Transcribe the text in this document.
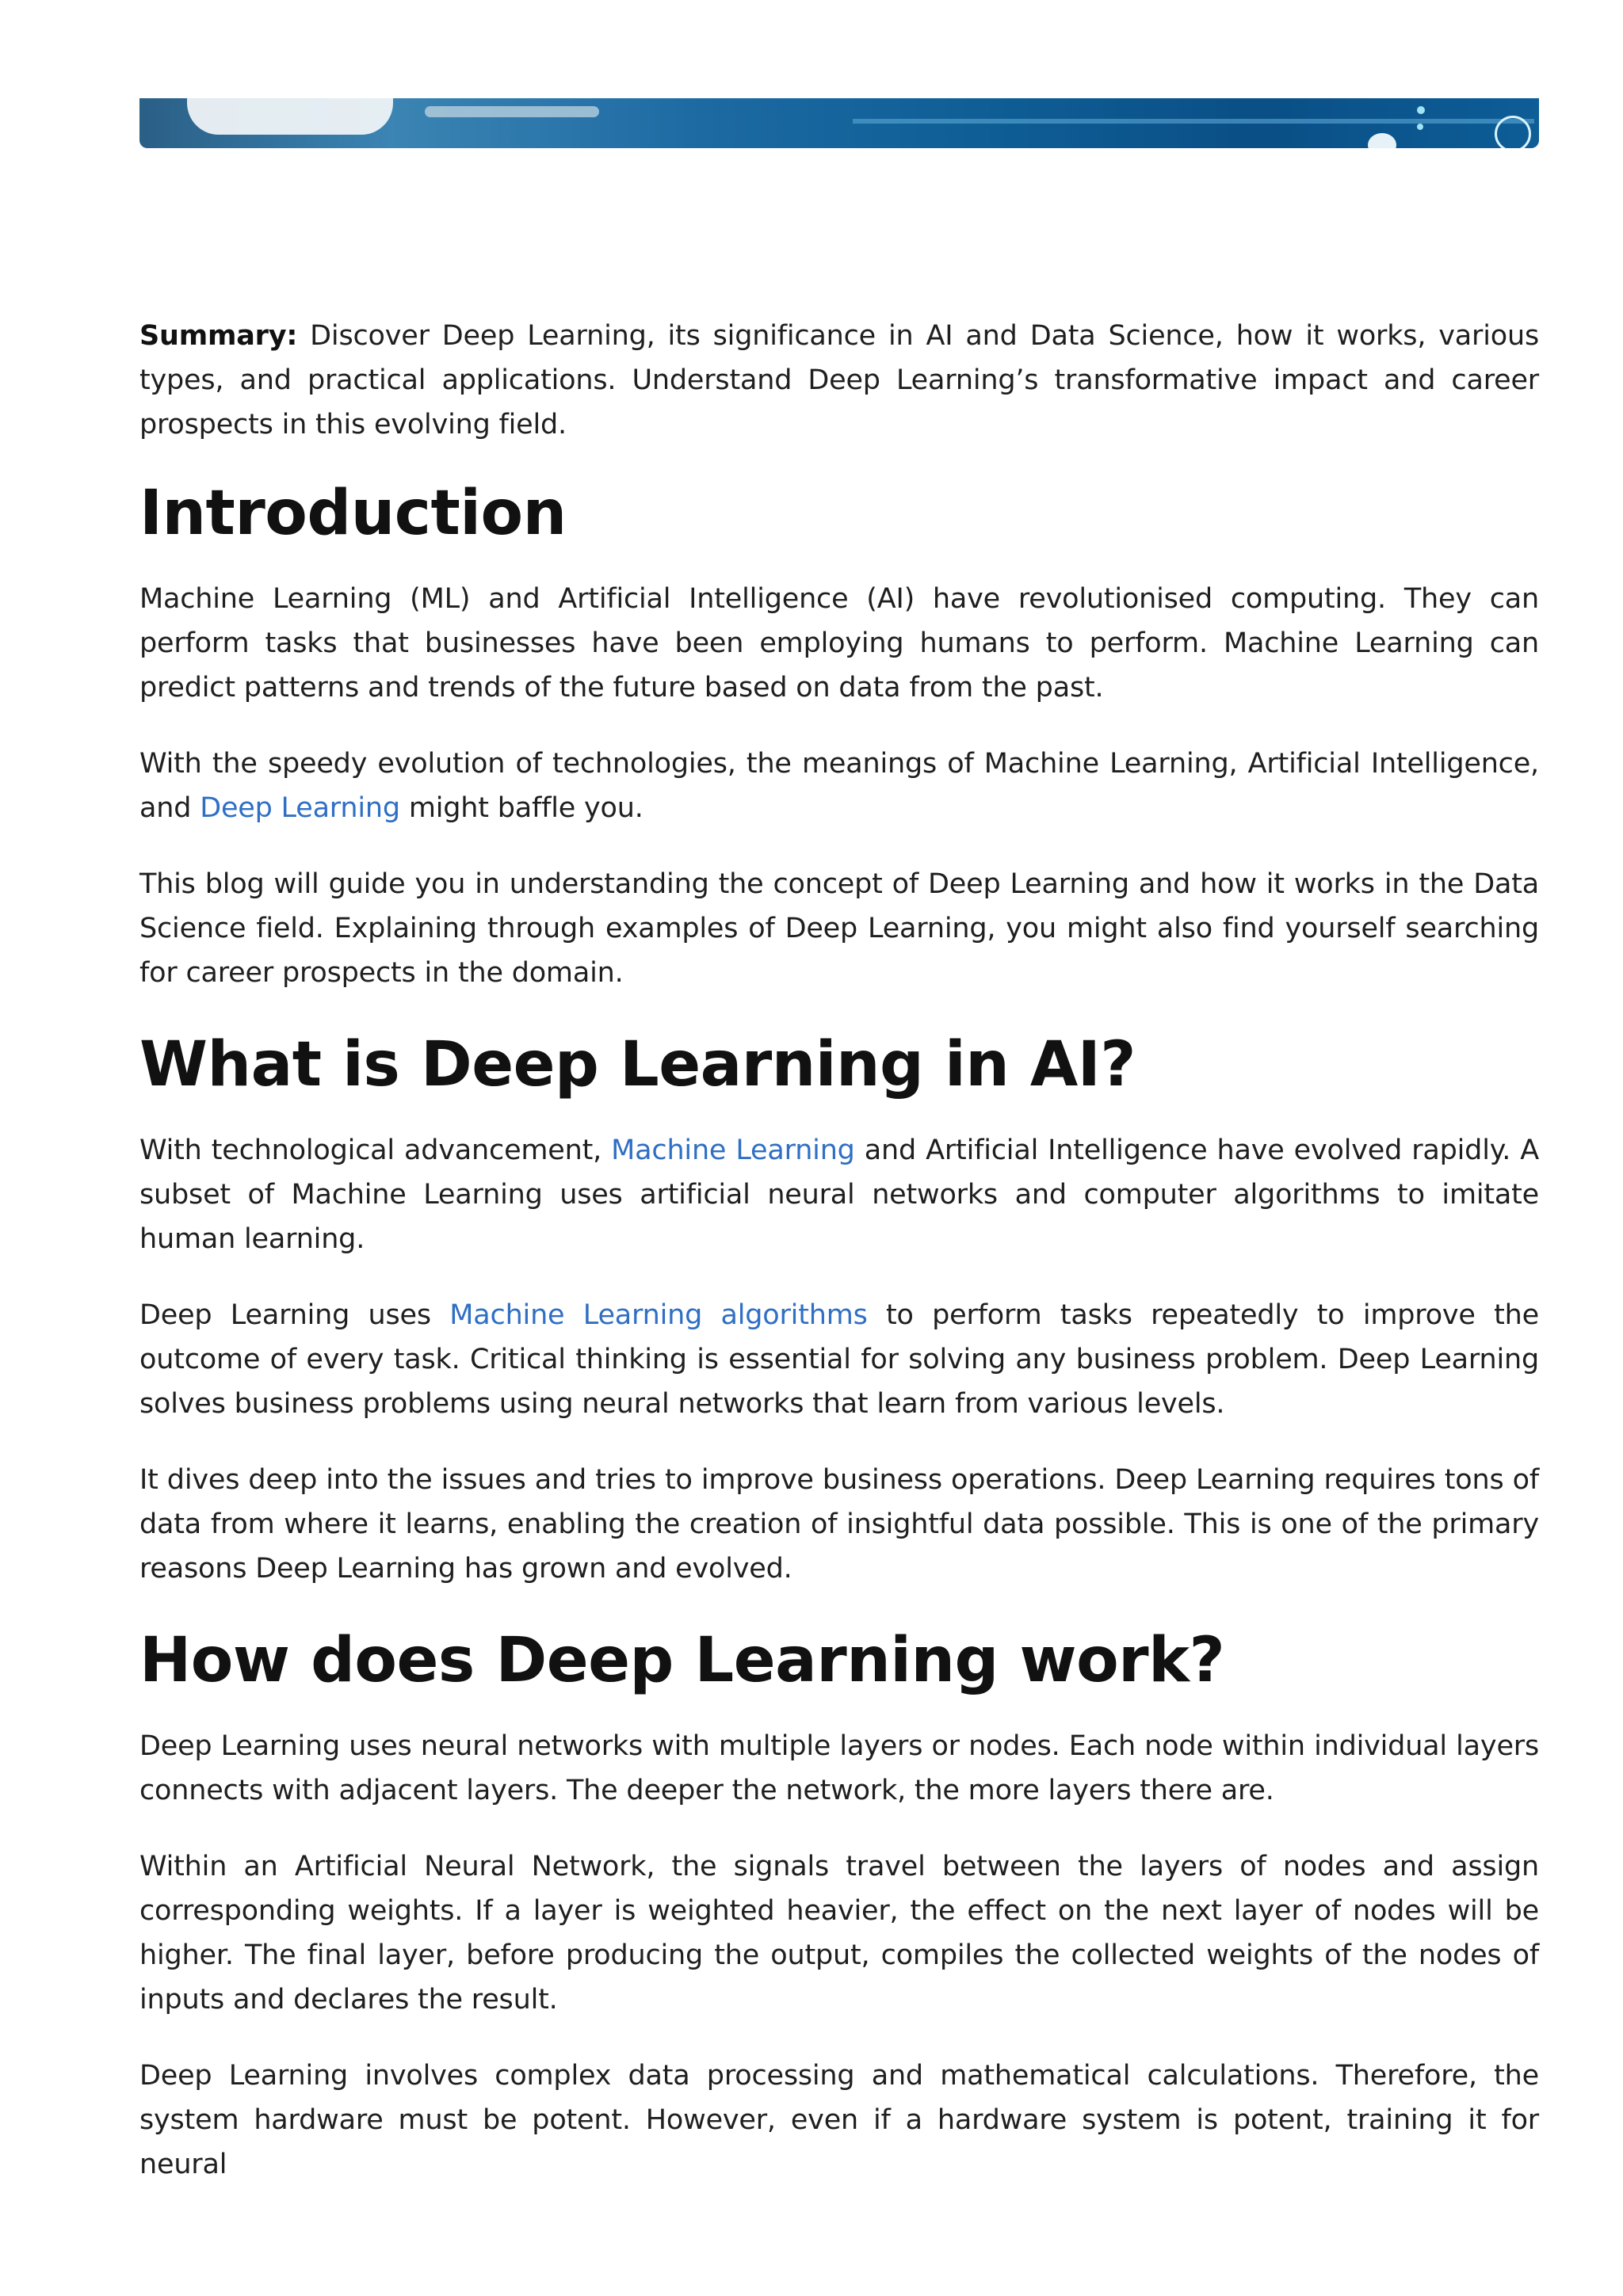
Summary: Discover Deep Learning, its significance in AI and Data Science, how it works, various types, and practical applications. Understand Deep Learning’s transformative impact and career prospects in this evolving field.

Introduction

Machine Learning (ML) and Artificial Intelligence (AI) have revolutionised computing. They can perform tasks that businesses have been employing humans to perform. Machine Learning can predict patterns and trends of the future based on data from the past.

With the speedy evolution of technologies, the meanings of Machine Learning, Artificial Intelligence, and Deep Learning might baffle you.

This blog will guide you in understanding the concept of Deep Learning and how it works in the Data Science field. Explaining through examples of Deep Learning, you might also find yourself searching for career prospects in the domain.

What is Deep Learning in AI?

With technological advancement, Machine Learning and Artificial Intelligence have evolved rapidly. A subset of Machine Learning uses artificial neural networks and computer algorithms to imitate human learning.

Deep Learning uses Machine Learning algorithms to perform tasks repeatedly to improve the outcome of every task. Critical thinking is essential for solving any business problem. Deep Learning solves business problems using neural networks that learn from various levels.

It dives deep into the issues and tries to improve business operations. Deep Learning requires tons of data from where it learns, enabling the creation of insightful data possible. This is one of the primary reasons Deep Learning has grown and evolved.

How does Deep Learning work?

Deep Learning uses neural networks with multiple layers or nodes. Each node within individual layers connects with adjacent layers. The deeper the network, the more layers there are.

Within an Artificial Neural Network, the signals travel between the layers of nodes and assign corresponding weights. If a layer is weighted heavier, the effect on the next layer of nodes will be higher. The final layer, before producing the output, compiles the collected weights of the nodes of inputs and declares the result.

Deep Learning involves complex data processing and mathematical calculations. Therefore, the system hardware must be potent. However, even if a hardware system is potent, training it for neural
